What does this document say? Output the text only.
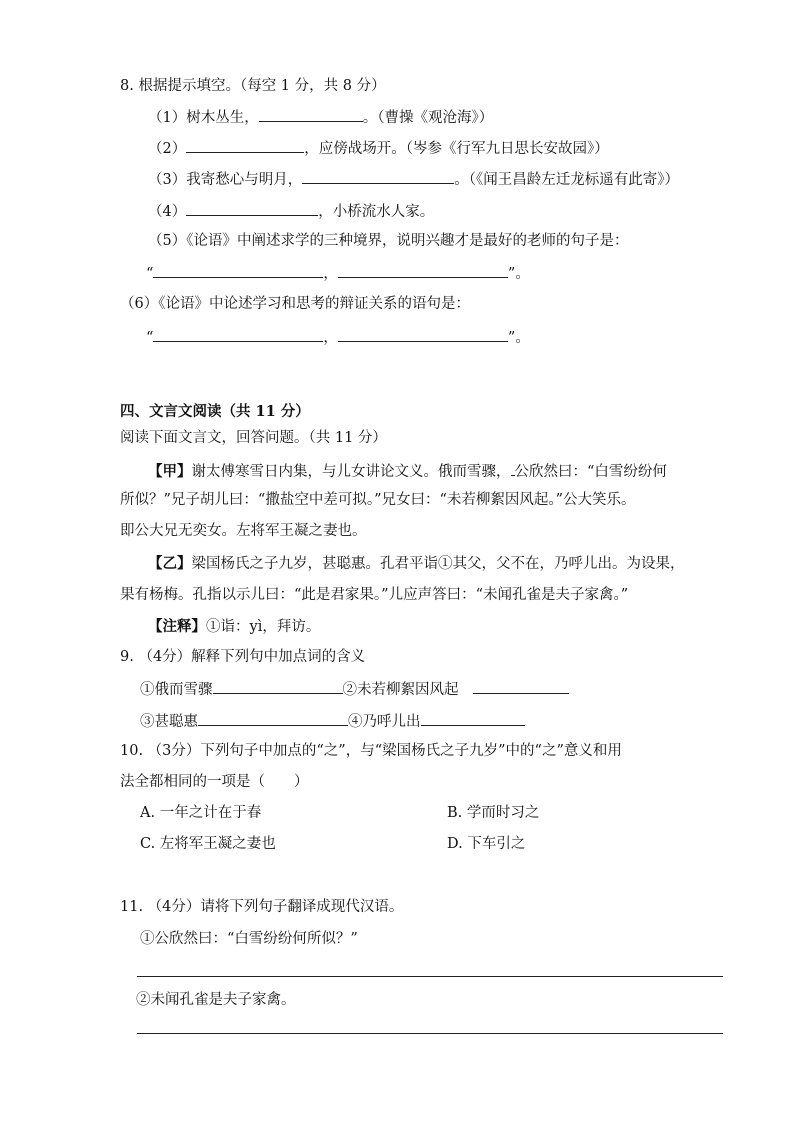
8. 根据提示填空。（每空 1 分，共 8 分）
（1）树木丛生，	。（曹操《观沧海》）
（2）	，应傍战场开。（岑参《行军九日思长安故园》）
（3）我寄愁心与明月，	。（《闻王昌龄左迁龙标遥有此寄》）
（4）	，小桥流水人家。
（5）《论语》中阐述求学的三种境界，说明兴趣才是最好的老师的句子是：
“	，	”。
（6）《论语》中论述学习和思考的辩证关系的语句是：
“	，	”。
四、文言文阅读（共 11 分）
阅读下面文言文，回答问题。（共 11 分）
【甲】谢太傅寒雪日内集，与儿女讲论文义。俄而雪骤， 公欣然曰：“白雪纷纷何
所似？”兄子胡儿曰：“撒盐空中差可拟。”兄女曰：“未若柳絮因风起。”公大笑乐。
即公大兄无奕女。左将军王凝之妻也。
【乙】梁国杨氏之子九岁，甚聪惠。孔君平诣①其父，父不在，乃呼儿出。为设果，
果有杨梅。孔指以示儿曰：“此是君家果。”儿应声答曰：“未闻孔雀是夫子家禽。”
【注释】①诣：yì，拜访。
9. （4分）解释下列句中加点词的含义
①俄而雪骤	②未若柳絮因风起
③甚聪惠	④乃呼儿出
10. （3分）下列句子中加点的“之”，与“梁国杨氏之子九岁”中的“之”意义和用
法全都相同的一项是（　　）
A. 一年之计在于春	B. 学而时习之
C. 左将军王凝之妻也	D. 下车引之
11. （4分）请将下列句子翻译成现代汉语。
①公欣然曰：“白雪纷纷何所似？”
②未闻孔雀是夫子家禽。
